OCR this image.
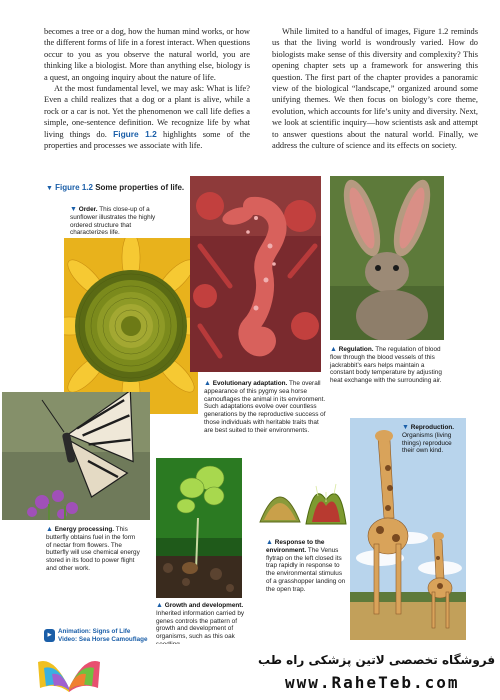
becomes a tree or a dog, how the human mind works, or how the different forms of life in a forest interact. When questions occur to you as you observe the natural world, you are thinking like a biologist. More than anything else, biology is a quest, an ongoing inquiry about the nature of life.

At the most fundamental level, we may ask: What is life? Even a child realizes that a dog or a plant is alive, while a rock or a car is not. Yet the phenomenon we call life defies a simple, one-sentence definition. We recognize life by what living things do. Figure 1.2 highlights some of the properties and processes we associate with life.

While limited to a handful of images, Figure 1.2 reminds us that the living world is wondrously varied. How do biologists make sense of this diversity and complexity? This opening chapter sets up a framework for answering this question. The first part of the chapter provides a panoramic view of the biological “landscape,” organized around some unifying themes. We then focus on biology’s core theme, evolution, which accounts for life’s unity and diversity. Next, we look at scientific inquiry—how scientists ask and attempt to answer questions about the natural world. Finally, we address the culture of science and its effects on society.

▼ Figure 1.2 Some properties of life.
▼ Order. This close-up of a sunflower illustrates the highly ordered structure that characterizes life.
▲ Evolutionary adaptation. The overall appearance of this pygmy sea horse camouflages the animal in its environment. Such adaptations evolve over countless generations by the reproductive success of those individuals with heritable traits that are best suited to their environments.
▲ Regulation. The regulation of blood flow through the blood vessels of this jackrabbit’s ears helps maintain a constant body temperature by adjusting heat exchange with the surrounding air.
▲ Energy processing. This butterfly obtains fuel in the form of nectar from flowers. The butterfly will use chemical energy stored in its food to power flight and other work.
▲ Growth and development. Inherited information carried by genes controls the pattern of growth and development of organisms, such as this oak
▲ Response to the environment. The Venus flytrap on the left closed its trap rapidly in response to the environmental stimulus of a grasshopper landing on the open trap.
▼ Reproduction. Organisms (living things) reproduce their own kind.
▶	Animation: Signs of Life
Video: Sea Horse Camouflage
فروشگاه تخصصی لاتین پزشکی راه طب
www.RaheTeb.com
